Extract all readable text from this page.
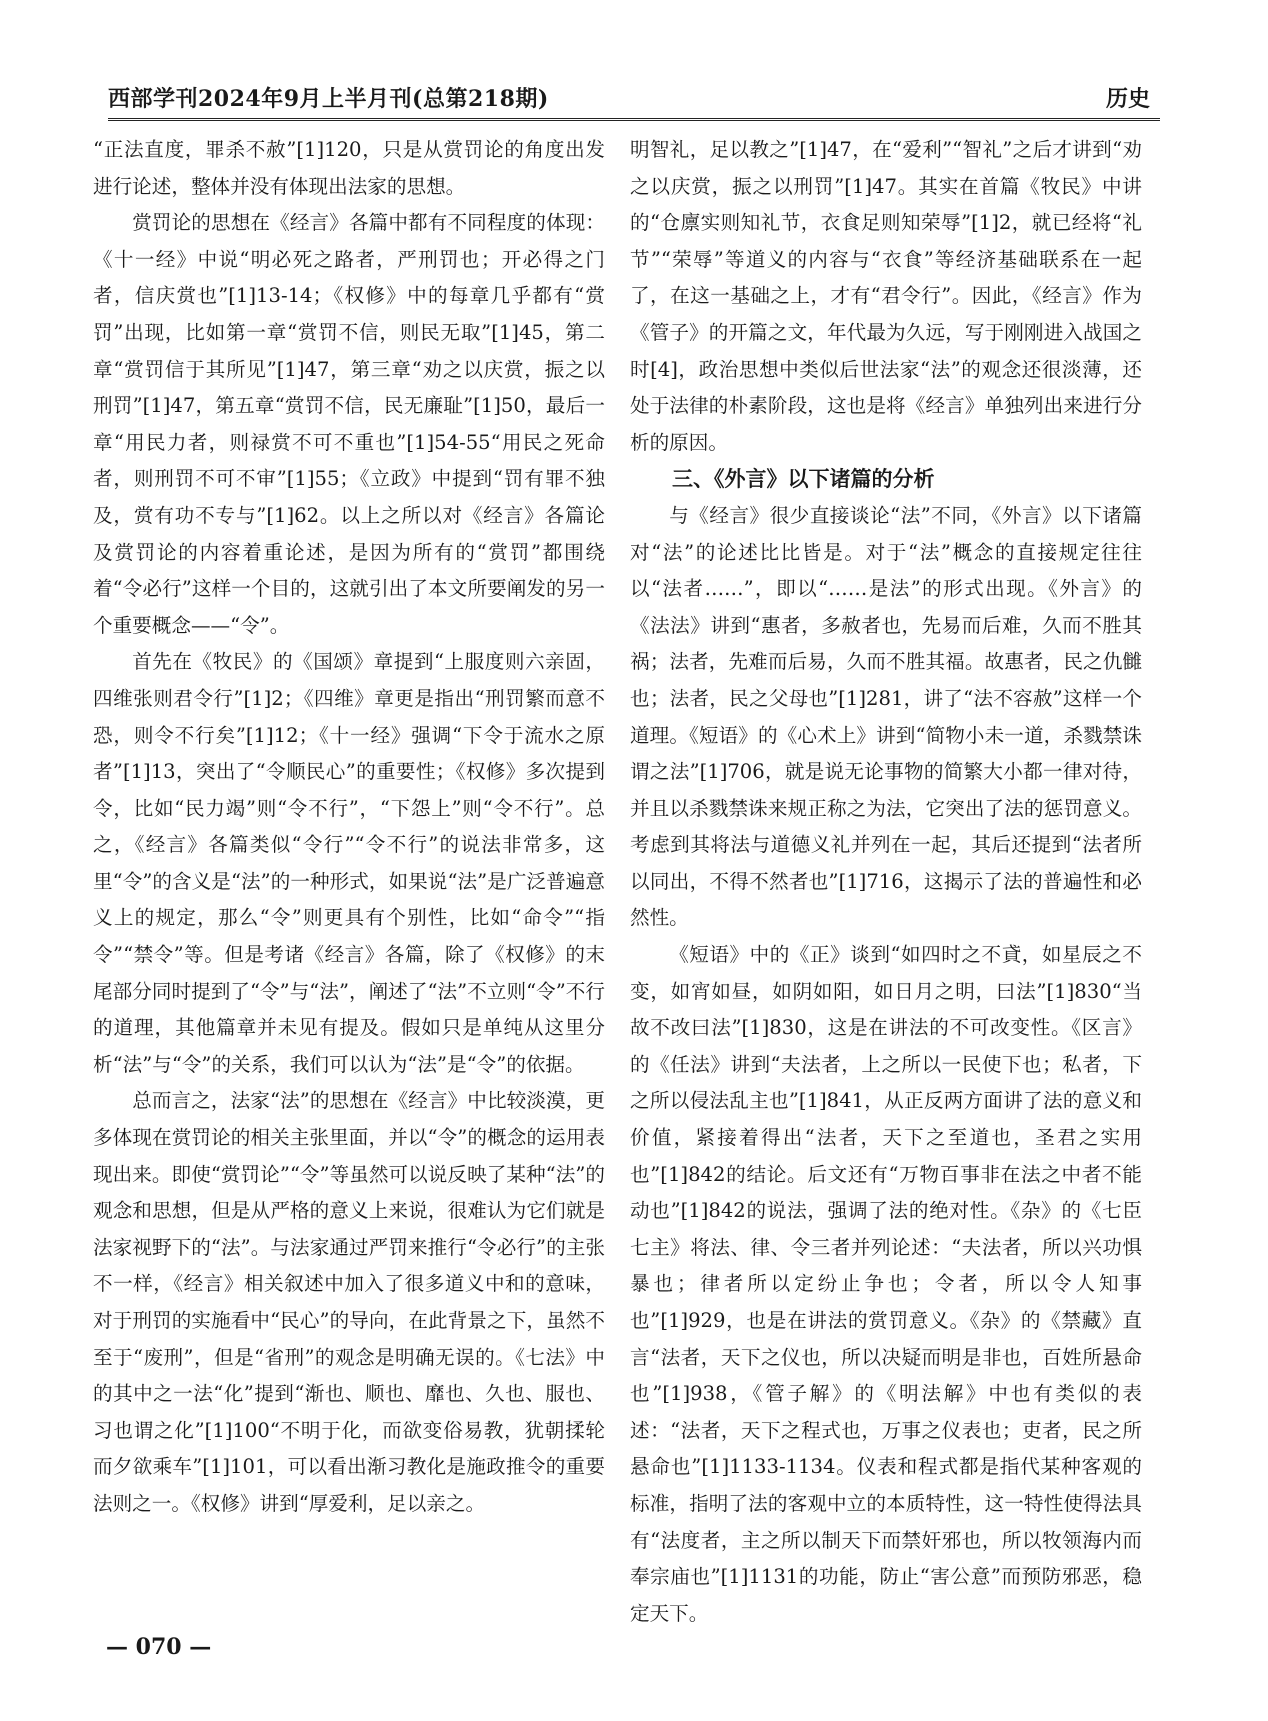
西部学刊2024年9月上半月刊(总第218期)	历史

“正法直度，罪杀不赦”[1]120，只是从赏罚论的角度出发进行论述，整体并没有体现出法家的思想。

赏罚论的思想在《经言》各篇中都有不同程度的体现：《十一经》中说“明必死之路者，严刑罚也；开必得之门者，信庆赏也”[1]13-14；《权修》中的每章几乎都有“赏罚”出现，比如第一章“赏罚不信，则民无取”[1]45，第二章“赏罚信于其所见”[1]47，第三章“劝之以庆赏，振之以刑罚”[1]47，第五章“赏罚不信，民无廉耻”[1]50，最后一章“用民力者，则禄赏不可不重也”[1]54-55“用民之死命者，则刑罚不可不审”[1]55；《立政》中提到“罚有罪不独及，赏有功不专与”[1]62。以上之所以对《经言》各篇论及赏罚论的内容着重论述，是因为所有的“赏罚”都围绕着“令必行”这样一个目的，这就引出了本文所要阐发的另一个重要概念——“令”。

首先在《牧民》的《国颂》章提到“上服度则六亲固，四维张则君令行”[1]2；《四维》章更是指出“刑罚繁而意不恐，则令不行矣”[1]12；《十一经》强调“下令于流水之原者”[1]13，突出了“令顺民心”的重要性；《权修》多次提到令，比如“民力竭”则“令不行”，“下怨上”则“令不行”。总之，《经言》各篇类似“令行”“令不行”的说法非常多，这里“令”的含义是“法”的一种形式，如果说“法”是广泛普遍意义上的规定，那么“令”则更具有个别性，比如“命令”“指令”“禁令”等。但是考诸《经言》各篇，除了《权修》的末尾部分同时提到了“令”与“法”，阐述了“法”不立则“令”不行的道理，其他篇章并未见有提及。假如只是单纯从这里分析“法”与“令”的关系，我们可以认为“法”是“令”的依据。

总而言之，法家“法”的思想在《经言》中比较淡漠，更多体现在赏罚论的相关主张里面，并以“令”的概念的运用表现出来。即使“赏罚论”“令”等虽然可以说反映了某种“法”的观念和思想，但是从严格的意义上来说，很难认为它们就是法家视野下的“法”。与法家通过严罚来推行“令必行”的主张不一样，《经言》相关叙述中加入了很多道义中和的意味，对于刑罚的实施看中“民心”的导向，在此背景之下，虽然不至于“废刑”，但是“省刑”的观念是明确无误的。《七法》中的其中之一法“化”提到“渐也、顺也、靡也、久也、服也、习也谓之化”[1]100“不明于化，而欲变俗易教，犹朝揉轮而夕欲乘车”[1]101，可以看出渐习教化是施政推令的重要法则之一。《权修》讲到“厚爱利，足以亲之。

明智礼，足以教之”[1]47，在“爱利”“智礼”之后才讲到“劝之以庆赏，振之以刑罚”[1]47。其实在首篇《牧民》中讲的“仓廪实则知礼节，衣食足则知荣辱”[1]2，就已经将“礼节”“荣辱”等道义的内容与“衣食”等经济基础联系在一起了，在这一基础之上，才有“君令行”。因此，《经言》作为《管子》的开篇之文，年代最为久远，写于刚刚进入战国之时[4]，政治思想中类似后世法家“法”的观念还很淡薄，还处于法律的朴素阶段，这也是将《经言》单独列出来进行分析的原因。

三、《外言》以下诸篇的分析

与《经言》很少直接谈论“法”不同，《外言》以下诸篇对“法”的论述比比皆是。对于“法”概念的直接规定往往以“法者……”，即以“……是法”的形式出现。《外言》的《法法》讲到“惠者，多赦者也，先易而后难，久而不胜其祸；法者，先难而后易，久而不胜其福。故惠者，民之仇雠也；法者，民之父母也”[1]281，讲了“法不容赦”这样一个道理。《短语》的《心术上》讲到“简物小未一道，杀戮禁诛谓之法”[1]706，就是说无论事物的简繁大小都一律对待，并且以杀戮禁诛来规正称之为法，它突出了法的惩罚意义。考虑到其将法与道德义礼并列在一起，其后还提到“法者所以同出，不得不然者也”[1]716，这揭示了法的普遍性和必然性。

《短语》中的《正》谈到“如四时之不貣，如星辰之不变，如宵如昼，如阴如阳，如日月之明，曰法”[1]830“当故不改曰法”[1]830，这是在讲法的不可改变性。《区言》的《任法》讲到“夫法者，上之所以一民使下也；私者，下之所以侵法乱主也”[1]841，从正反两方面讲了法的意义和价值，紧接着得出“法者，天下之至道也，圣君之实用也”[1]842的结论。后文还有“万物百事非在法之中者不能动也”[1]842的说法，强调了法的绝对性。《杂》的《七臣七主》将法、律、令三者并列论述：“夫法者，所以兴功惧暴也；律者所以定纷止争也；令者，所以令人知事也”[1]929，也是在讲法的赏罚意义。《杂》的《禁藏》直言“法者，天下之仪也，所以决疑而明是非也，百姓所悬命也”[1]938，《管子解》的《明法解》中也有类似的表述：“法者，天下之程式也，万事之仪表也；吏者，民之所悬命也”[1]1133-1134。仪表和程式都是指代某种客观的标准，指明了法的客观中立的本质特性，这一特性使得法具有“法度者，主之所以制天下而禁奸邪也，所以牧领海内而奉宗庙也”[1]1131的功能，防止“害公意”而预防邪恶，稳定天下。

— 070 —
